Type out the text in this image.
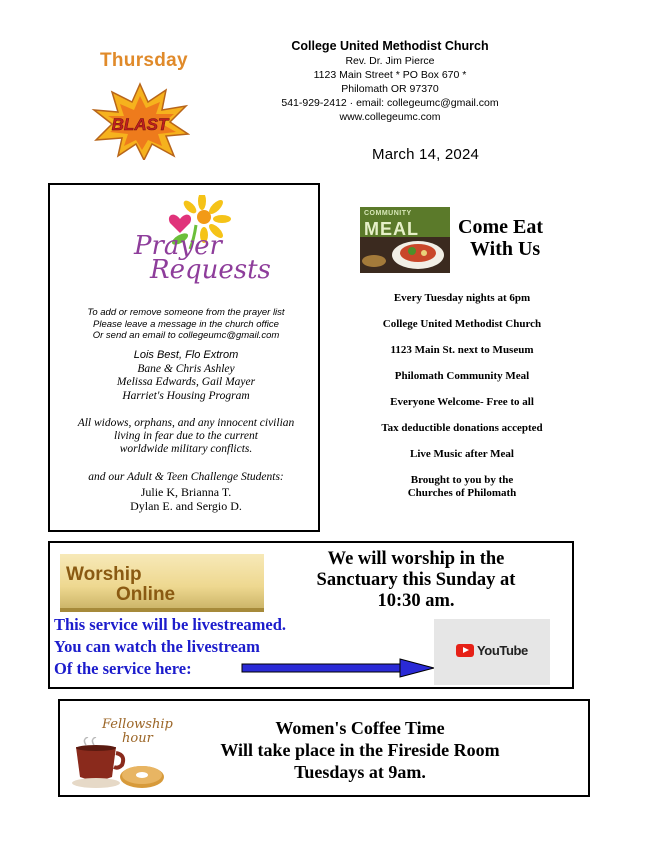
Thursday
BLAST
College United Methodist Church
Rev. Dr. Jim Pierce
1123 Main Street * PO Box 670 *
Philomath OR 97370
541-929-2412 · email: collegeumc@gmail.com
www.collegeumc.com
March 14, 2024
Prayer
Requests
To add or remove someone from the prayer list
Please leave a message in the church office
Or send an email to collegeumc@gmail.com
Lois Best, Flo Extrom
Bane & Chris Ashley
Melissa Edwards, Gail Mayer
Harriet's Housing Program
All widows, orphans, and any innocent civilian
living in fear due to the current
worldwide military conflicts.
and our Adult & Teen Challenge Students:
Julie K, Brianna T.
Dylan E. and Sergio D.
COMMUNITY
MEAL Come Eat
With Us
Every Tuesday nights at 6pm
College United Methodist Church
1123 Main St. next to Museum
Philomath Community Meal
Everyone Welcome- Free to all
Tax deductible donations accepted
Live Music after Meal
Brought to you by the
Churches of Philomath
Worship
Online
We will worship in the
Sanctuary this Sunday at
10:30 am.
This service will be livestreamed.
You can watch the livestream
Of the service here:
YouTube
Fellowship
hour
Women's Coffee Time
Will take place in the Fireside Room
Tuesdays at 9am.
